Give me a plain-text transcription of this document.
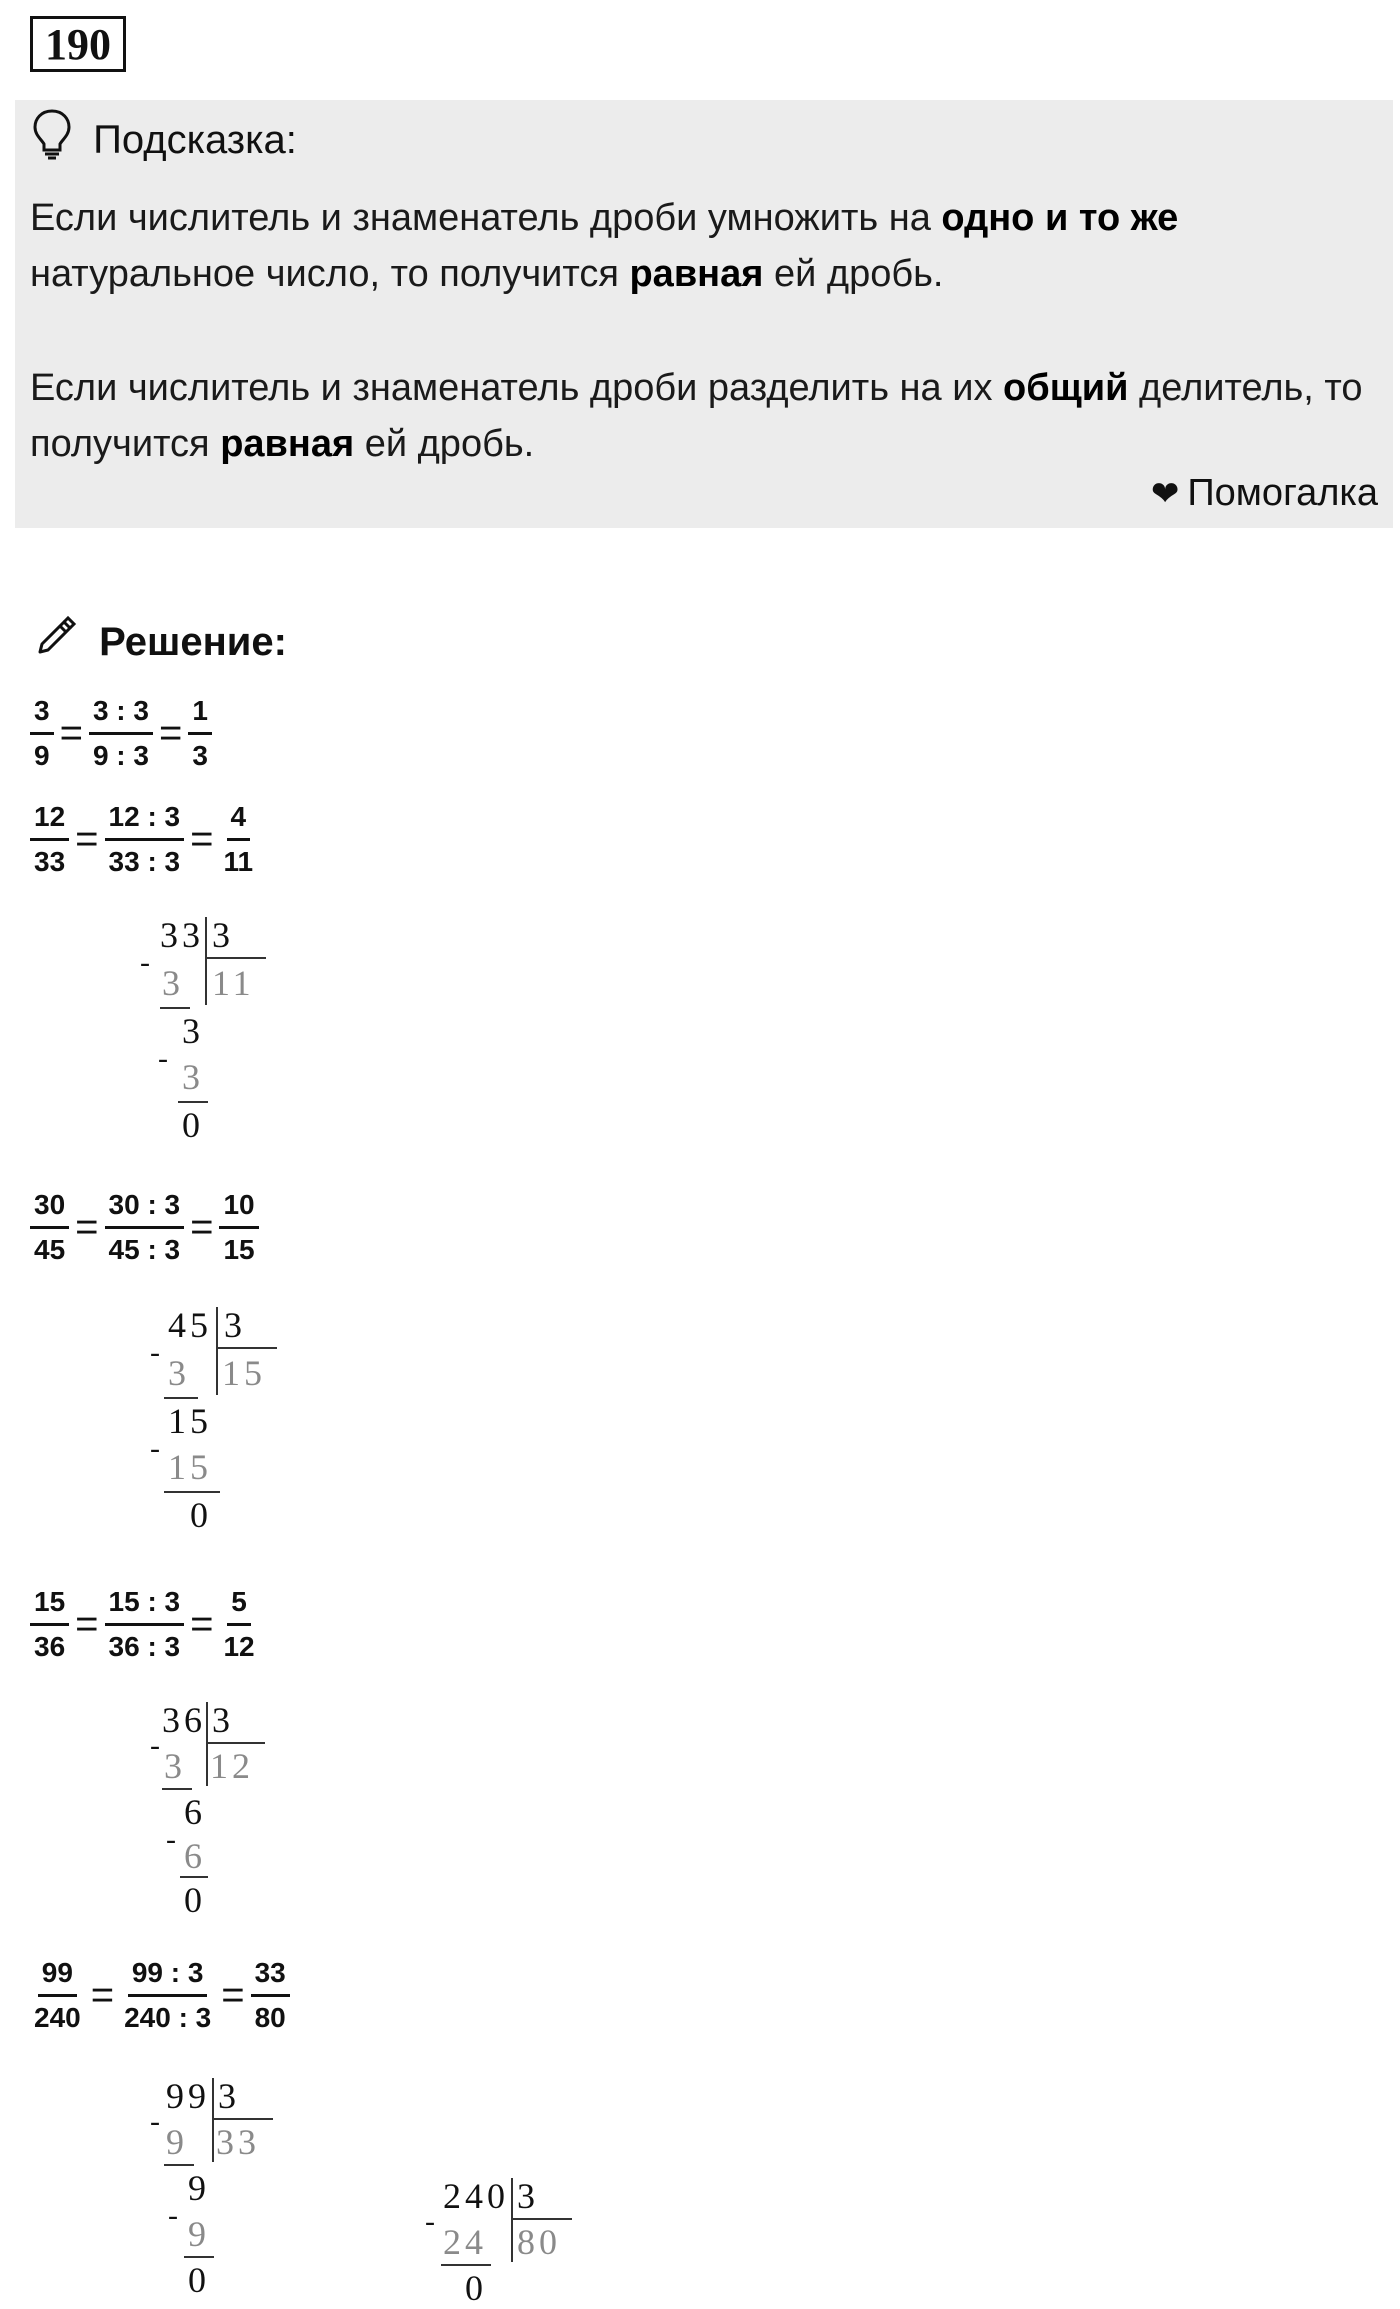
190
Подсказка:
Если числитель и знаменатель дроби умножить на одно и то же натуральное число, то получится равная ей дробь.
Если числитель и знаменатель дроби разделить на их общий делитель, то получится равная ей дробь.
❤ Помогалка
Решение:
$\frac{3}{9} = \frac{3 : 3}{9 : 3} = \frac{1}{3}$
$\frac{12}{33} = \frac{12 : 3}{33 : 3} = \frac{4}{11}$
-
33 3
11
3
3
- 3
0
$\frac{30}{45} = \frac{30 : 3}{45 : 3} = \frac{10}{15}$
-
45 3
15
3
15
- 15
0
$\frac{15}{36} = \frac{15 : 3}{36 : 3} = \frac{5}{12}$
-
36 3
12
3
6
- 6
0
$\frac{99}{240} = \frac{99 : 3}{240 : 3} = \frac{33}{80}$
-
99 3
33
9
9
- 9
0
-
240 3
80
24
0
